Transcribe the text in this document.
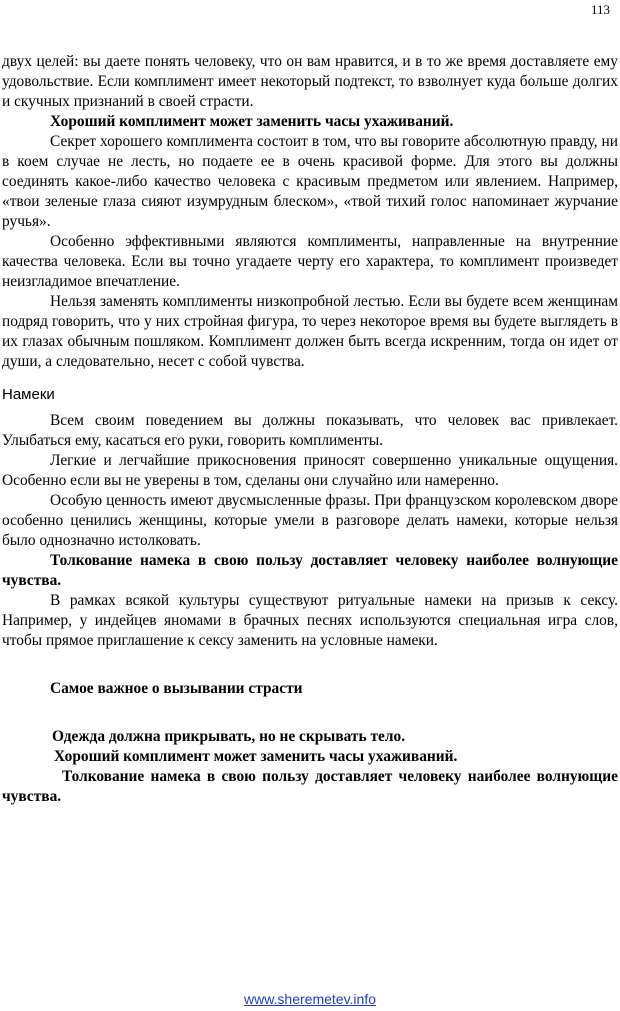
113

двух целей: вы даете понять человеку, что он вам нравится, и в то же время доставляете ему удовольствие. Если комплимент имеет некоторый подтекст, то взволнует куда больше долгих и скучных признаний в своей страсти.

Хороший комплимент может заменить часы ухаживаний.

Секрет хорошего комплимента состоит в том, что вы говорите абсолютную правду, ни в коем случае не лесть, но подаете ее в очень красивой форме. Для этого вы должны соединять какое-либо качество человека с красивым предметом или явлением. Например, «твои зеленые глаза сияют изумрудным блеском», «твой тихий голос напоминает журчание ручья».

Особенно эффективными являются комплименты, направленные на внутренние качества человека. Если вы точно угадаете черту его характера, то комплимент произведет неизгладимое впечатление.

Нельзя заменять комплименты низкопробной лестью. Если вы будете всем женщинам подряд говорить, что у них стройная фигура, то через некоторое время вы будете выглядеть в их глазах обычным пошляком. Комплимент должен быть всегда искренним, тогда он идет от души, а следовательно, несет с собой чувства.

Намеки

Всем своим поведением вы должны показывать, что человек вас привлекает. Улыбаться ему, касаться его руки, говорить комплименты.

Легкие и легчайшие прикосновения приносят совершенно уникальные ощущения. Особенно если вы не уверены в том, сделаны они случайно или намеренно.

Особую ценность имеют двусмысленные фразы. При французском королевском дворе особенно ценились женщины, которые умели в разговоре делать намеки, которые нельзя было однозначно истолковать.

Толкование намека в свою пользу доставляет человеку наиболее волнующие чувства.

В рамках всякой культуры существуют ритуальные намеки на призыв к сексу. Например, у индейцев яномами в брачных песнях используются специальная игра слов, чтобы прямое приглашение к сексу заменить на условные намеки.

Самое важное о вызывании страсти

Одежда должна прикрывать, но не скрывать тело.

Хороший комплимент может заменить часы ухаживаний.

Толкование намека в свою пользу доставляет человеку наиболее волнующие чувства.

www.sheremetev.info
